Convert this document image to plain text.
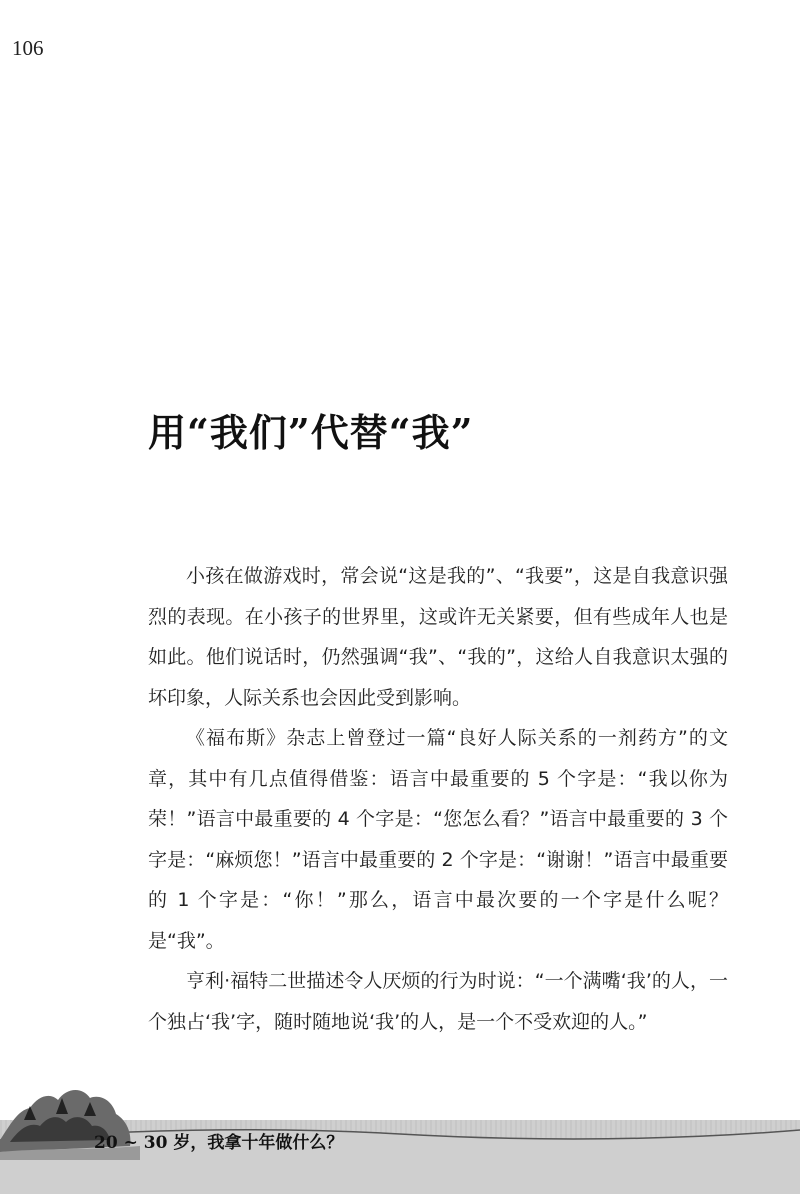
106
用“我们”代替“我”

小孩在做游戏时，常会说“这是我的”、“我要”，这是自我意识强烈的表现。在小孩子的世界里，这或许无关紧要，但有些成年人也是如此。他们说话时，仍然强调“我”、“我的”，这给人自我意识太强的坏印象，人际关系也会因此受到影响。

《福布斯》杂志上曾登过一篇“良好人际关系的一剂药方”的文章，其中有几点值得借鉴：语言中最重要的 5 个字是：“我以你为荣！”语言中最重要的 4 个字是：“您怎么看？”语言中最重要的 3 个字是：“麻烦您！”语言中最重要的 2 个字是：“谢谢！”语言中最重要的 1 个字是：“你！”那么，语言中最次要的一个字是什么呢？是“我”。

亨利·福特二世描述令人厌烦的行为时说：“一个满嘴‘我’的人，一个独占‘我’字，随时随地说‘我’的人，是一个不受欢迎的人。”

20 ~ 30 岁，我拿十年做什么？
